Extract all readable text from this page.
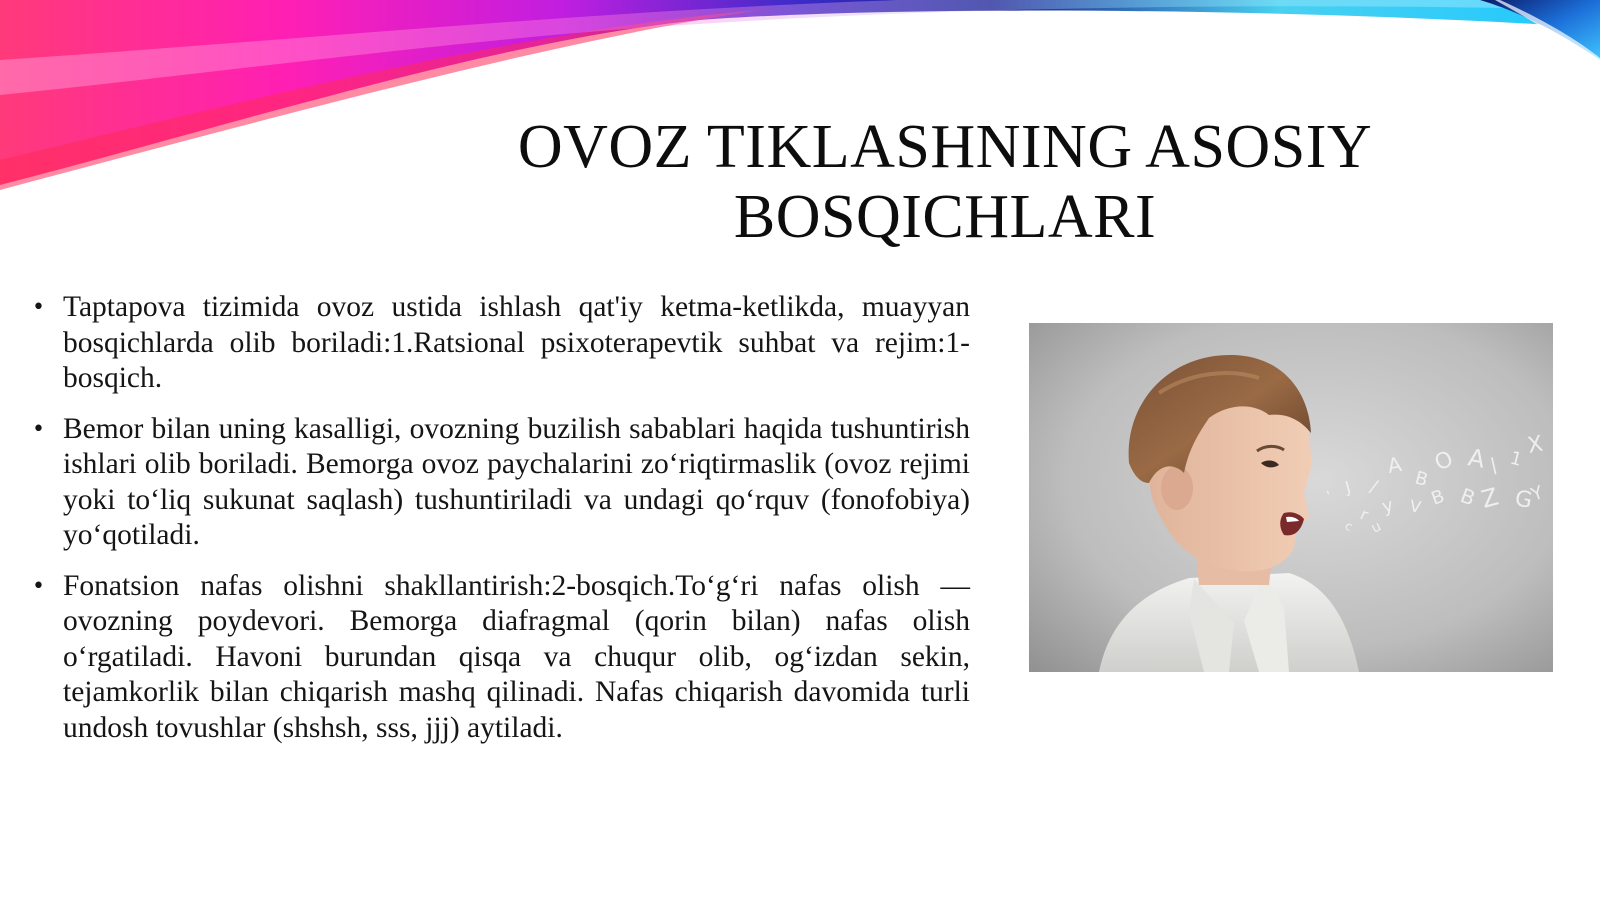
OVOZ TIKLASHNING ASOSIY
BOSQICHLARI
• Taptapova tizimida ovoz ustida ishlash qat'iy ketma-ketlikda, muayyan bosqichlarda olib boriladi:1.Ratsional psixoterapevtik suhbat va rejim:1-bosqich.
• Bemor bilan uning kasalligi, ovozning buzilish sabablari haqida tushuntirish ishlari olib boriladi. Bemorga ovoz paychalarini zo‘riqtirmaslik (ovoz rejimi yoki to‘liq sukunat saqlash) tushuntiriladi va undagi qo‘rquv (fonofobiya) yo‘qotiladi.
• Fonatsion nafas olishni shakllantirish:2-bosqich.To‘g‘ri nafas olish — ovozning poydevori. Bemorga diafragmal (qorin bilan) nafas olish o‘rgatiladi. Havoni burundan qisqa va chuqur olib, og‘izdan sekin, tejamkorlik bilan chiqarish mashq qilinadi. Nafas chiqarish davomida turli undosh tovushlar (shshsh, sss, jjj) aytiladi.
' J /
A
B
O A
/ 1
X
r y V B B Z G
Y
c u
